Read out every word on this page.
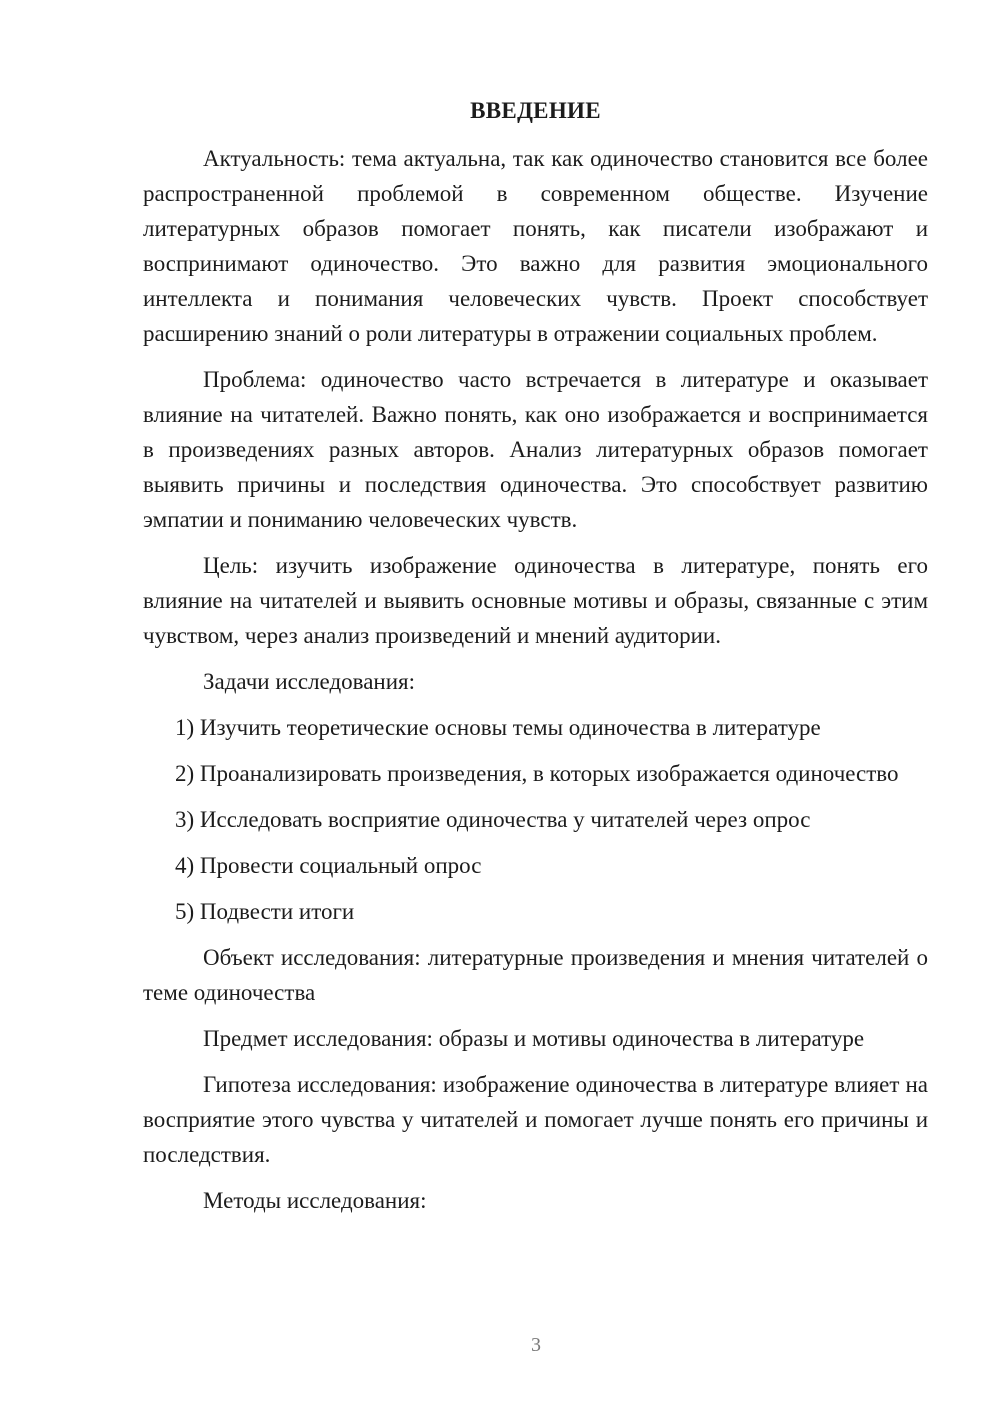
ВВЕДЕНИЕ

Актуальность: тема актуальна, так как одиночество становится все более распространенной проблемой в современном обществе. Изучение литературных образов помогает понять, как писатели изображают и воспринимают одиночество. Это важно для развития эмоционального интеллекта и понимания человеческих чувств. Проект способствует расширению знаний о роли литературы в отражении социальных проблем.

Проблема: одиночество часто встречается в литературе и оказывает влияние на читателей. Важно понять, как оно изображается и воспринимается в произведениях разных авторов. Анализ литературных образов помогает выявить причины и последствия одиночества. Это способствует развитию эмпатии и пониманию человеческих чувств.

Цель: изучить изображение одиночества в литературе, понять его влияние на читателей и выявить основные мотивы и образы, связанные с этим чувством, через анализ произведений и мнений аудитории.

Задачи исследования:

1) Изучить теоретические основы темы одиночества в литературе

2) Проанализировать произведения, в которых изображается одиночество

3) Исследовать восприятие одиночества у читателей через опрос

4) Провести социальный опрос

5) Подвести итоги

Объект исследования: литературные произведения и мнения читателей о теме одиночества

Предмет исследования: образы и мотивы одиночества в литературе

Гипотеза исследования: изображение одиночества в литературе влияет на восприятие этого чувства у читателей и помогает лучше понять его причины и последствия.

Методы исследования:

3
